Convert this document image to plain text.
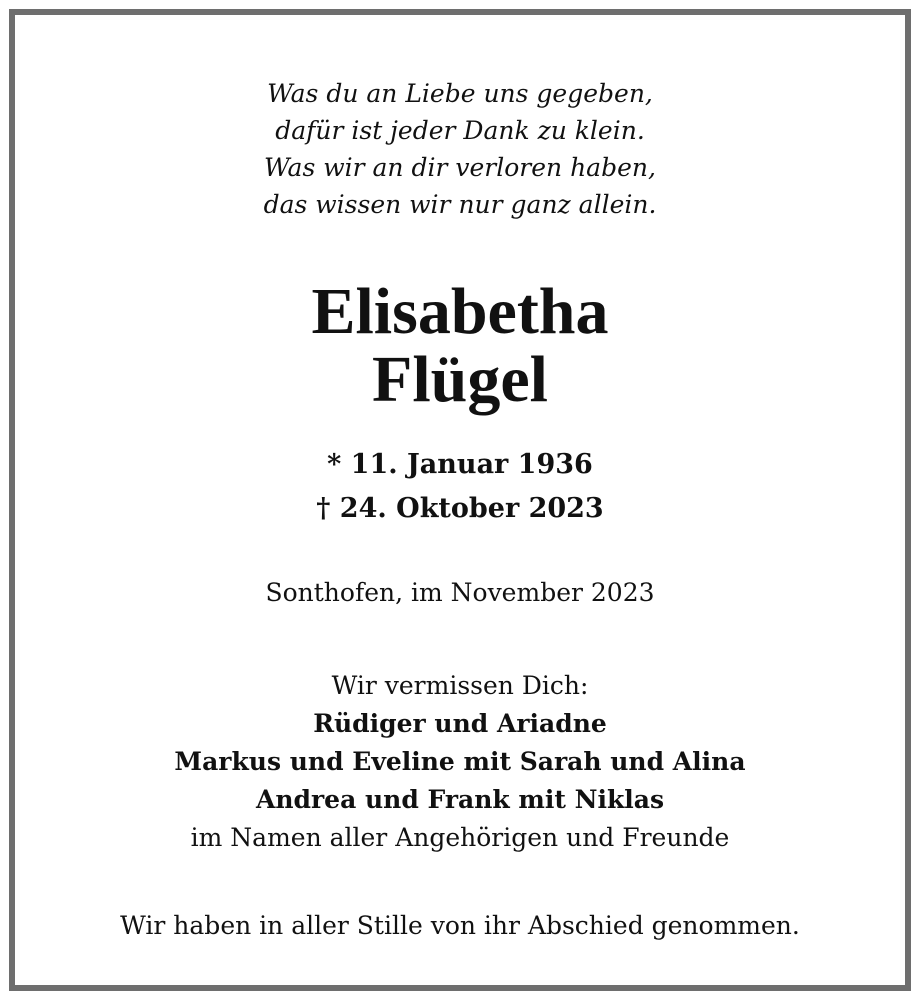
Was du an Liebe uns gegeben,
dafür ist jeder Dank zu klein.
Was wir an dir verloren haben,
das wissen wir nur ganz allein.
Elisabetha
Flügel
* 11. Januar 1936
† 24. Oktober 2023
Sonthofen, im November 2023
Wir vermissen Dich:
Rüdiger und Ariadne
Markus und Eveline mit Sarah und Alina
Andrea und Frank mit Niklas
im Namen aller Angehörigen und Freunde
Wir haben in aller Stille von ihr Abschied genommen.
